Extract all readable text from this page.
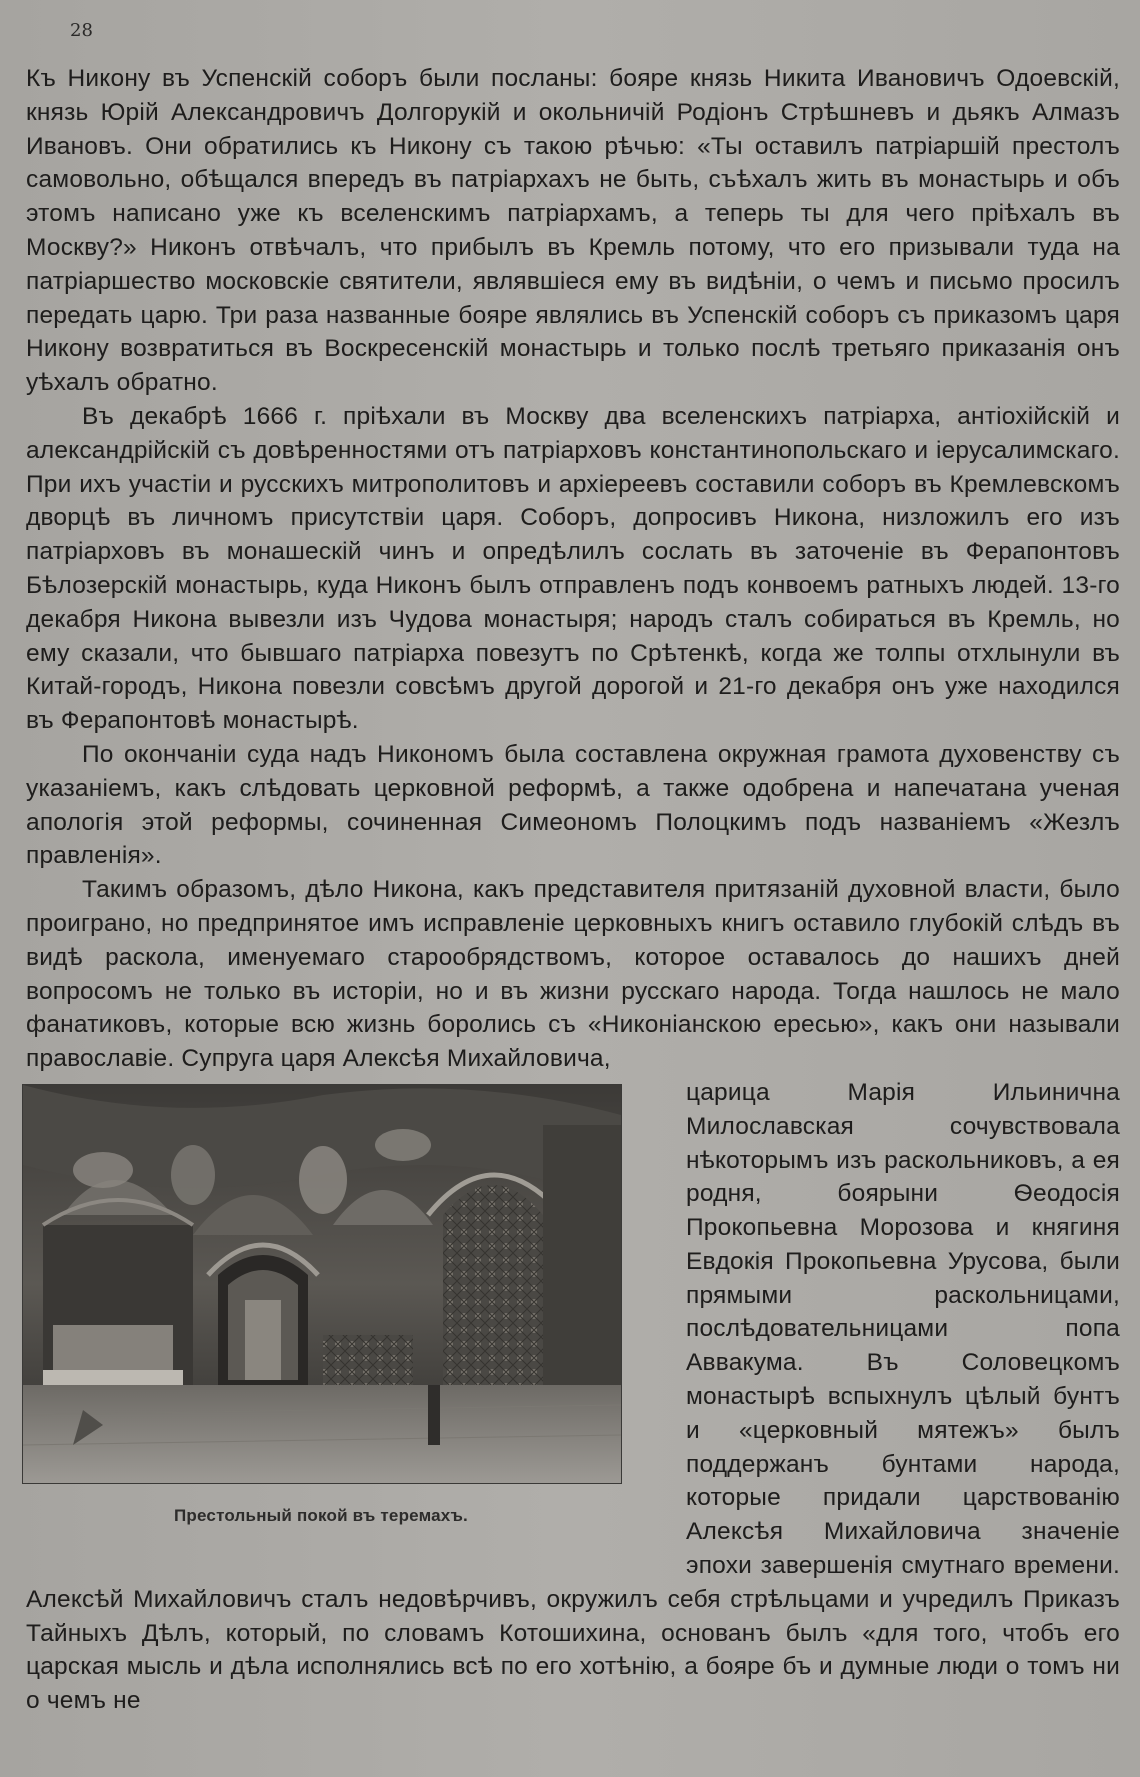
28

Къ Никону въ Успенскій соборъ были посланы: бояре князь Никита Ивановичъ Одоевскій, князь Юрій Александровичъ Долгорукій и окольничій Родіонъ Стрѣшневъ и дьякъ Алмазъ Ивановъ. Они обратились къ Никону съ такою рѣчью: «Ты оставилъ патріаршій престолъ самовольно, обѣщался впередъ въ патріархахъ не быть, съѣхалъ жить въ монастырь и объ этомъ написано уже къ вселенскимъ патріархамъ, а теперь ты для чего пріѣхалъ въ Москву?» Никонъ отвѣчалъ, что прибылъ въ Кремль потому, что его призывали туда на патріаршество московскіе святители, являвшіеся ему въ видѣніи, о чемъ и письмо просилъ передать царю. Три раза названные бояре являлись въ Успенскій соборъ съ приказомъ царя Никону возвратиться въ Воскресенскій монастырь и только послѣ третьяго приказанія онъ уѣхалъ обратно.

Въ декабрѣ 1666 г. пріѣхали въ Москву два вселенскихъ патріарха, антіохійскій и александрійскій съ довѣренностями отъ патріарховъ константинопольскаго и іерусалимскаго. При ихъ участіи и русскихъ митрополитовъ и архіереевъ составили соборъ въ Кремлевскомъ дворцѣ въ личномъ присутствіи царя. Соборъ, допросивъ Никона, низложилъ его изъ патріарховъ въ монашескій чинъ и опредѣлилъ сослать въ заточеніе въ Ферапонтовъ Бѣлозерскій монастырь, куда Никонъ былъ отправленъ подъ конвоемъ ратныхъ людей. 13-го декабря Никона вывезли изъ Чудова монастыря; народъ сталъ собираться въ Кремль, но ему сказали, что бывшаго патріарха повезутъ по Срѣтенкѣ, когда же толпы отхлынули въ Китай-городъ, Никона повезли совсѣмъ другой дорогой и 21-го декабря онъ уже находился въ Ферапонтовѣ монастырѣ.

По окончаніи суда надъ Никономъ была составлена окружная грамота духовенству съ указаніемъ, какъ слѣдовать церковной реформѣ, а также одобрена и напечатана ученая апологія этой реформы, сочиненная Симеономъ Полоцкимъ подъ названіемъ «Жезлъ правленія».

Такимъ образомъ, дѣло Никона, какъ представителя притязаній духовной власти, было проиграно, но предпринятое имъ исправленіе церковныхъ книгъ оставило глубокій слѣдъ въ видѣ раскола, именуемаго старообрядствомъ, которое оставалось до нашихъ дней вопросомъ не только въ исторіи, но и въ жизни русскаго народа. Тогда нашлось не мало фанатиковъ, которые всю жизнь боролись съ «Никоніанскою ересью», какъ они называли православіе. Супруга царя Алексѣя Михайловича,

Престольный покой въ теремахъ.

царица Марія Ильинична Милославская сочувствовала нѣкоторымъ изъ раскольниковъ, а ея родня, боярыни Ѳеодосія Прокопьевна Морозова и княгиня Евдокія Прокопьевна Урусова, были прямыми раскольницами, послѣдовательницами попа Аввакума. Въ Соловецкомъ монастырѣ вспыхнулъ цѣлый бунтъ и «церковный мятежъ» былъ поддержанъ бунтами народа, которые придали царствованію Алексѣя Михайловича значеніе эпохи завершенія смутнаго времени. Алексѣй Михайловичъ сталъ недовѣрчивъ, окружилъ себя стрѣльцами и учредилъ Приказъ Тайныхъ Дѣлъ, который, по словамъ Котошихина, основанъ былъ «для того, чтобъ его царская мысль и дѣла исполнялись всѣ по его хотѣнію, а бояре бъ и думные люди о томъ ни о чемъ не
